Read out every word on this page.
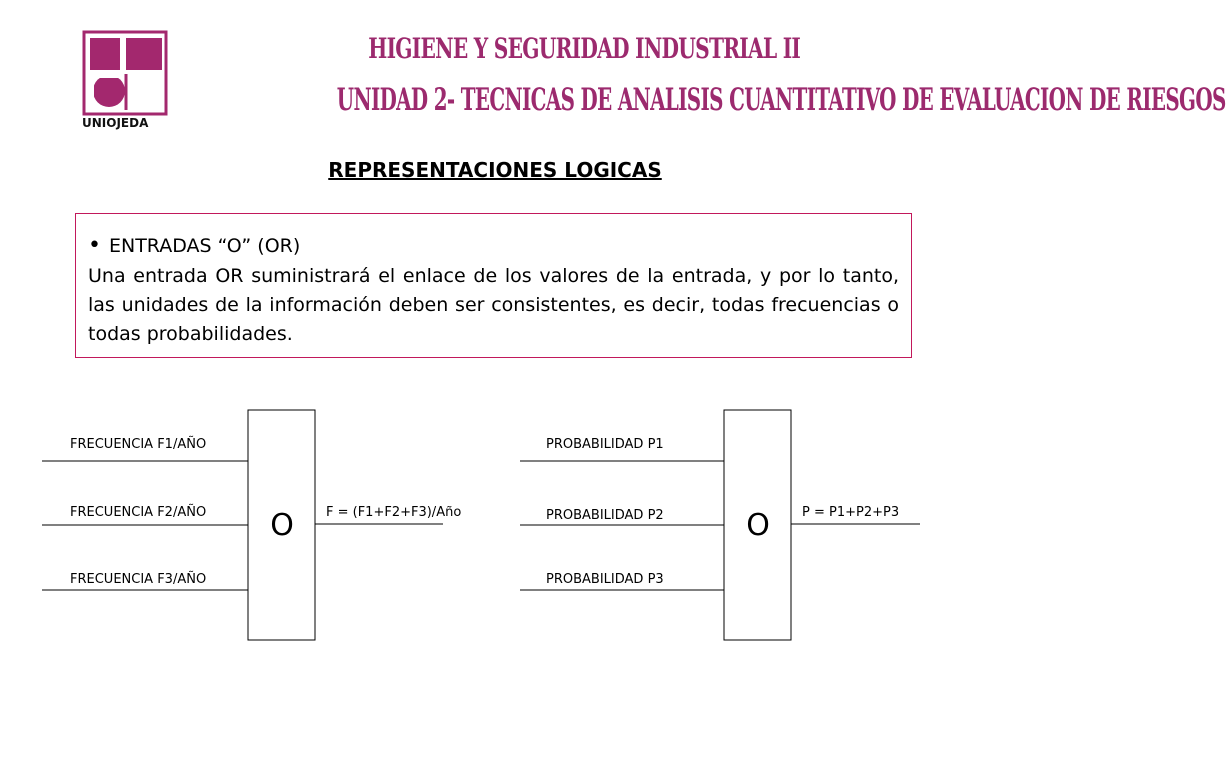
UNIOJEDA
HIGIENE Y SEGURIDAD INDUSTRIAL II
UNIDAD 2- TECNICAS DE ANALISIS CUANTITATIVO DE EVALUACION DE RIESGOS
REPRESENTACIONES LOGICAS
• ENTRADAS “O” (OR)
Una entrada OR suministrará el enlace de los valores de la entrada, y por lo tanto, las unidades de la información deben ser consistentes, es decir, todas frecuencias o todas probabilidades.
FRECUENCIA F1/AÑO
FRECUENCIA F2/AÑO
FRECUENCIA F3/AÑO
O F = (F1+F2+F3)/Año
PROBABILIDAD P1
PROBABILIDAD P2
PROBABILIDAD P3
O P = P1+P2+P3
